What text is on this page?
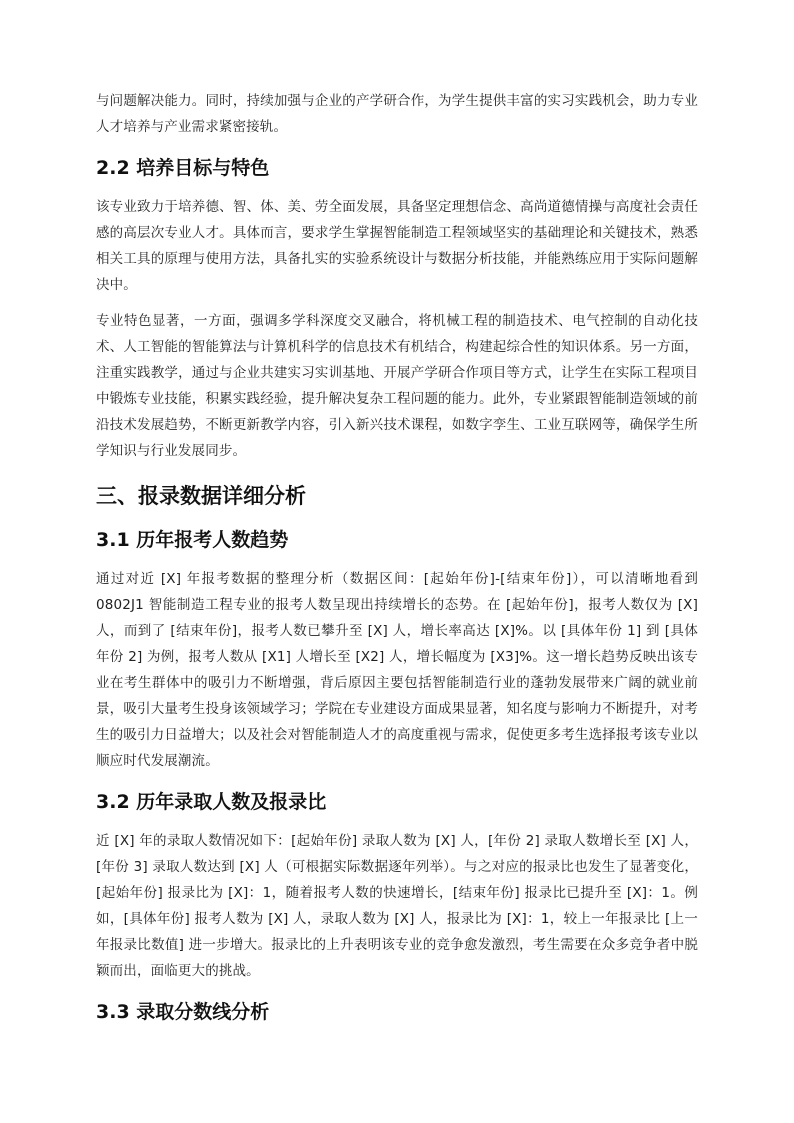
与问题解决能力。同时，持续加强与企业的产学研合作，为学生提供丰富的实习实践机会，助力专业人才培养与产业需求紧密接轨。

2.2 培养目标与特色

该专业致力于培养德、智、体、美、劳全面发展，具备坚定理想信念、高尚道德情操与高度社会责任感的高层次专业人才。具体而言，要求学生掌握智能制造工程领域坚实的基础理论和关键技术，熟悉相关工具的原理与使用方法，具备扎实的实验系统设计与数据分析技能，并能熟练应用于实际问题解决中。

专业特色显著，一方面，强调多学科深度交叉融合，将机械工程的制造技术、电气控制的自动化技术、人工智能的智能算法与计算机科学的信息技术有机结合，构建起综合性的知识体系。另一方面，注重实践教学，通过与企业共建实习实训基地、开展产学研合作项目等方式，让学生在实际工程项目中锻炼专业技能，积累实践经验，提升解决复杂工程问题的能力。此外，专业紧跟智能制造领域的前沿技术发展趋势，不断更新教学内容，引入新兴技术课程，如数字孪生、工业互联网等，确保学生所学知识与行业发展同步。

三、报录数据详细分析
3.1 历年报考人数趋势

通过对近 [X] 年报考数据的整理分析（数据区间：[起始年份]-[结束年份]），可以清晰地看到 0802J1 智能制造工程专业的报考人数呈现出持续增长的态势。在 [起始年份]，报考人数仅为 [X] 人，而到了 [结束年份]，报考人数已攀升至 [X] 人，增长率高达 [X]%。以 [具体年份 1] 到 [具体年份 2] 为例，报考人数从 [X1] 人增长至 [X2] 人，增长幅度为 [X3]%。这一增长趋势反映出该专业在考生群体中的吸引力不断增强，背后原因主要包括智能制造行业的蓬勃发展带来广阔的就业前景，吸引大量考生投身该领域学习；学院在专业建设方面成果显著，知名度与影响力不断提升，对考生的吸引力日益增大；以及社会对智能制造人才的高度重视与需求，促使更多考生选择报考该专业以顺应时代发展潮流。

3.2 历年录取人数及报录比

近 [X] 年的录取人数情况如下：[起始年份] 录取人数为 [X] 人，[年份 2] 录取人数增长至 [X] 人，[年份 3] 录取人数达到 [X] 人（可根据实际数据逐年列举）。与之对应的报录比也发生了显著变化，[起始年份] 报录比为 [X]：1，随着报考人数的快速增长，[结束年份] 报录比已提升至 [X]：1。例如，[具体年份] 报考人数为 [X] 人，录取人数为 [X] 人，报录比为 [X]：1，较上一年报录比 [上一年报录比数值] 进一步增大。报录比的上升表明该专业的竞争愈发激烈，考生需要在众多竞争者中脱颖而出，面临更大的挑战。

3.3 录取分数线分析
